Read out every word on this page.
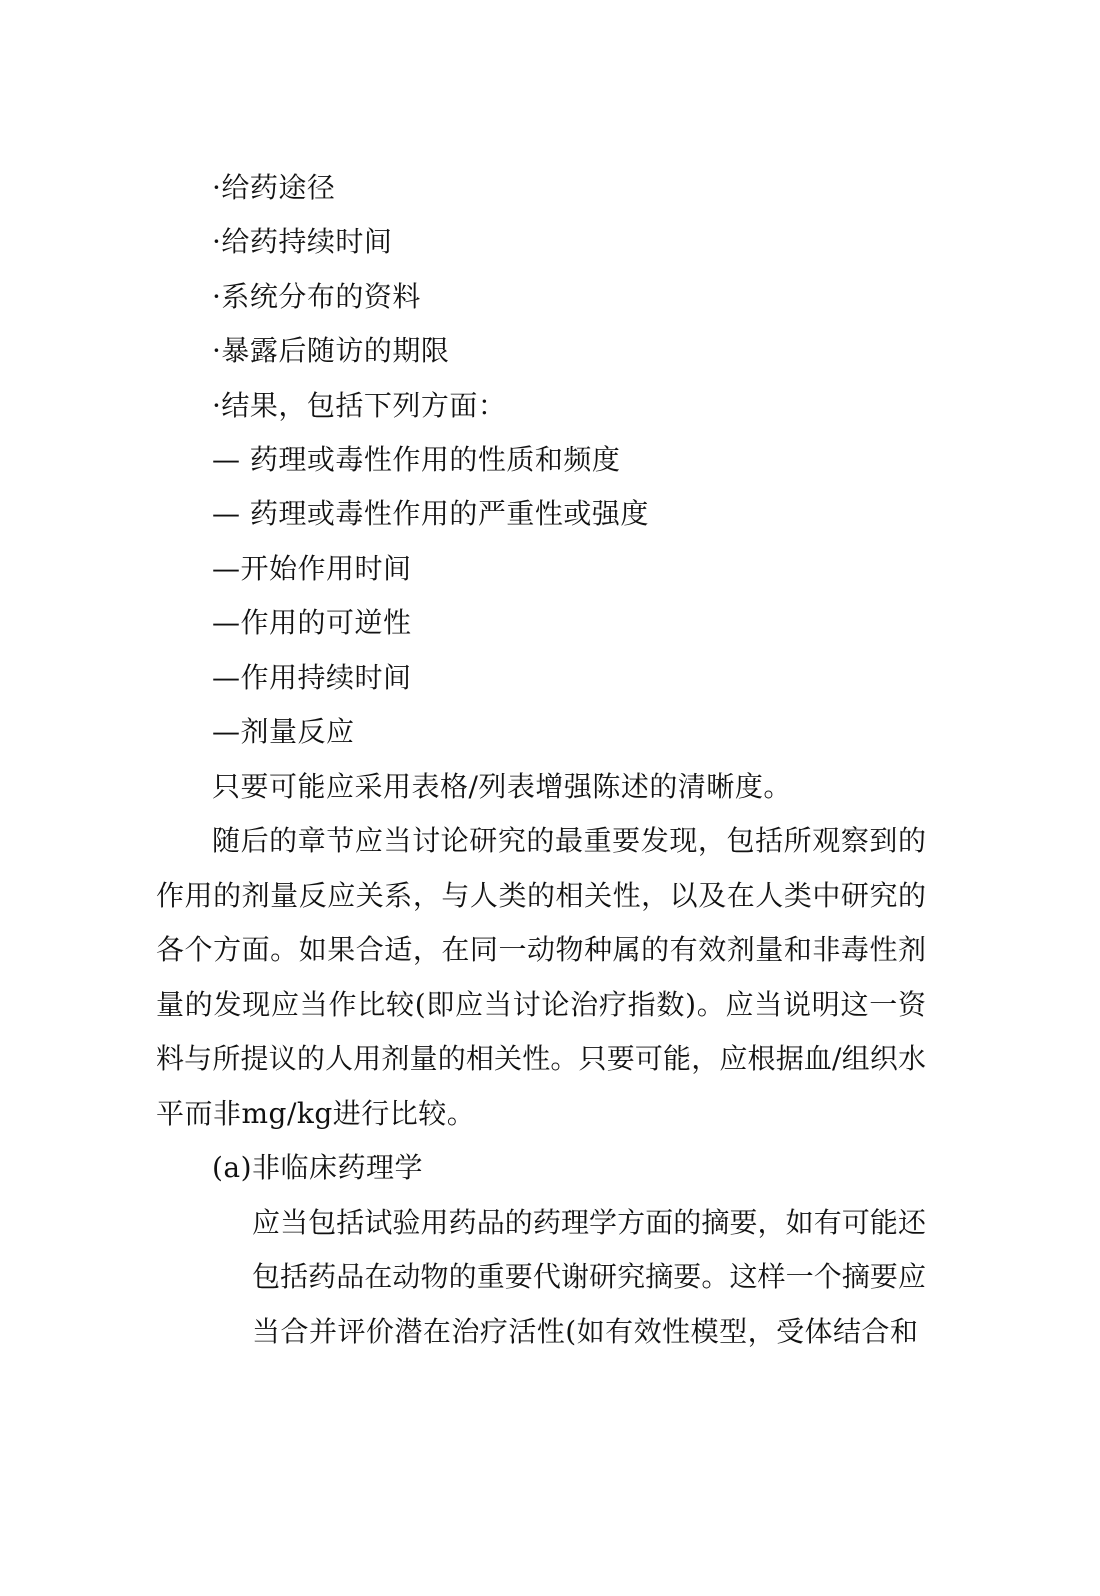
·给药途径
·给药持续时间
·系统分布的资料
·暴露后随访的期限
·结果，包括下列方面：
— 药理或毒性作用的性质和频度
— 药理或毒性作用的严重性或强度
—开始作用时间
—作用的可逆性
—作用持续时间
—剂量反应
只要可能应采用表格/列表增强陈述的清晰度。
随后的章节应当讨论研究的最重要发现，包括所观察到的
作用的剂量反应关系，与人类的相关性，以及在人类中研究的
各个方面。如果合适，在同一动物种属的有效剂量和非毒性剂
量的发现应当作比较(即应当讨论治疗指数)。应当说明这一资
料与所提议的人用剂量的相关性。只要可能，应根据血/组织水
平而非mg/kg进行比较。
(a)非临床药理学
应当包括试验用药品的药理学方面的摘要，如有可能还
包括药品在动物的重要代谢研究摘要。这样一个摘要应
当合并评价潜在治疗活性(如有效性模型，受体结合和
